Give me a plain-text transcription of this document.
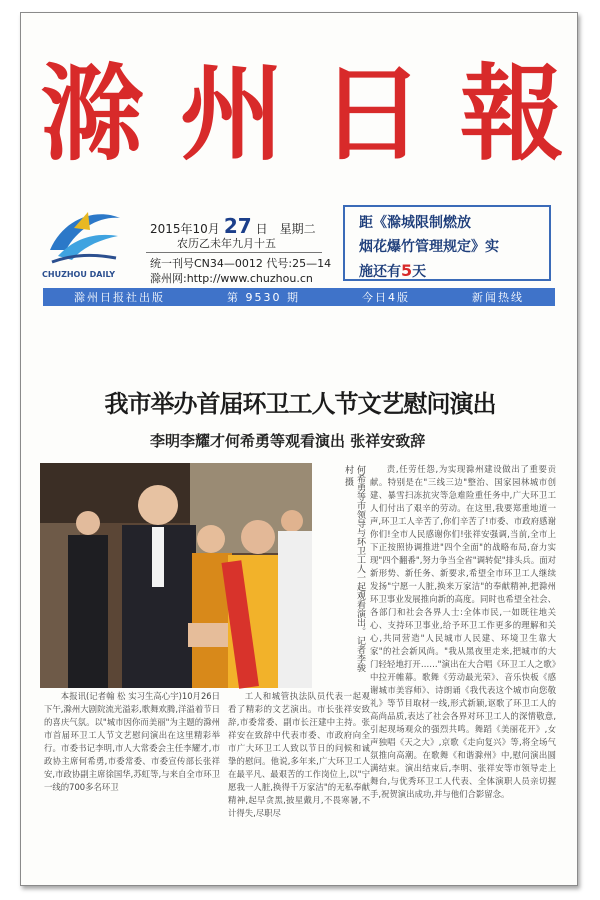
滁 州 日 報
CHUZHOU DAILY
2015年10月 27 日 星期二
农历乙未年九月十五
统一刊号CN34—0012 代号:25—14
滁州网:http://www.chuzhou.cn
距《滁城限制燃放
烟花爆竹管理规定》实
施还有5天
滁州日报社出版	第 9530 期	今日4版	新闻热线
我市举办首届环卫工人节文艺慰问演出
李明李耀才何希勇等观看演出 张祥安致辞
何希勇等市领导与环卫工人一起观看演出。记者李骏村 摄	责,任劳任怨,为实现滁州建设做出了重要贡献。特别是在"三线三边"整治、国家园林城市创建、暴雪扫冻抗灾等急难险重任务中,广大环卫工人们付出了艰辛的劳动。在这里,我要郑重地道一声,环卫工人辛苦了,你们辛苦了!市委、市政府感谢你们!全市人民感谢你们!张祥安强调,当前,全市上下正按照协调推进"四个全面"的战略布局,奋力实现"四个翻番",努力争当全省"调转促"排头兵。面对新形势、新任务、新要求,希望全市环卫工人继续发扬"宁愿一人脏,换来万家洁"的奉献精神,把滁州环卫事业发展推向新的高度。同时也希望全社会、各部门和社会各界人士:全体市民,一如既往地关心、支持环卫事业,给予环卫工作更多的理解和关心,共同营造"人民城市人民建、环境卫生靠大家"的社会新风尚。"我从黑夜里走来,把城市的大门轻轻地打开……"演出在大合唱《环卫工人之歌》中拉开帷幕。歌舞《劳动最光荣》、音乐快板《感谢城市美容师》、诗朗诵《我代表这个城市向您敬礼》等节目取材一线,形式新颖,讴歌了环卫工人的高尚品质,表达了社会各界对环卫工人的深情敬意,引起现场观众的强烈共鸣。舞蹈《美丽花开》,女声独唱《天之大》,京歌《走向复兴》等,将全场气氛推向高潮。在歌舞《和谐滁州》中,慰问演出圆满结束。演出结束后,李明、张祥安等市领导走上舞台,与优秀环卫工人代表、全体演职人员亲切握手,祝贺演出成功,并与他们合影留念。

本报讯(记者翰 松 实习生高心宇)10月26日下午,滁州大剧院流光溢彩,歌舞欢腾,洋溢着节日的喜庆气氛。以"城市因你而美丽"为主题的滁州市首届环卫工人节文艺慰问演出在这里精彩举行。市委书记李明,市人大常委会主任李耀才,市政协主席何希勇,市委常委、市委宣传部长张祥安,市政协副主席徐国华,苏虹等,与来自全市环卫一线的700多名环卫

工人和城管执法队员代表一起观看了精彩的文艺演出。市长张祥安致辞,市委常委、副市长汪建中主持。张祥安在致辞中代表市委、市政府向全市广大环卫工人致以节日的问候和诚挚的慰问。他说,多年来,广大环卫工人在最平凡、最艰苦的工作岗位上,以"宁愿我一人脏,换得千万家洁"的无私奉献精神,起早贪黑,披星戴月,不畏寒暑,不计得失,尽职尽
